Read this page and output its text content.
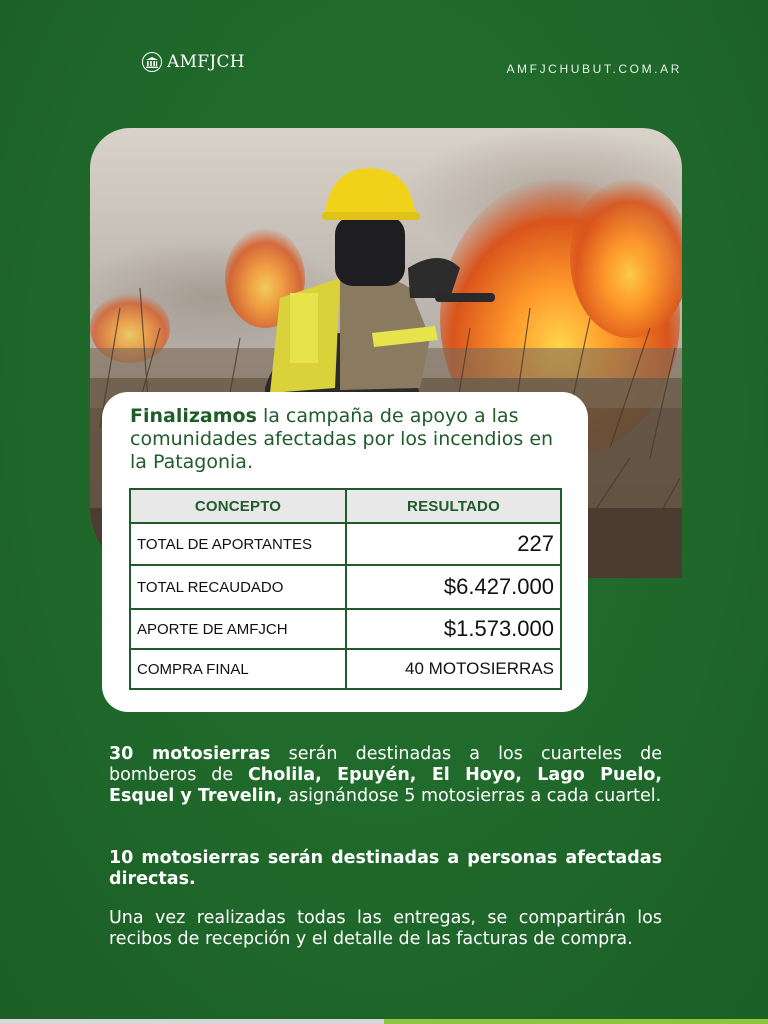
AMFJCH	AMFJCHUBUT.COM.AR

Finalizamos la campaña de apoyo a las comunidades afectadas por los incendios en la Patagonia.

CONCEPTO	RESULTADO
TOTAL DE APORTANTES	227
TOTAL RECAUDADO	$6.427.000
APORTE DE AMFJCH	$1.573.000
COMPRA FINAL	40 MOTOSIERRAS

30 motosierras serán destinadas a los cuarteles de bomberos de Cholila, Epuyén, El Hoyo, Lago Puelo, Esquel y Trevelin, asignándose 5 motosierras a cada cuartel.

10 motosierras serán destinadas a personas afectadas directas.

Una vez realizadas todas las entregas, se compartirán los recibos de recepción y el detalle de las facturas de compra.
